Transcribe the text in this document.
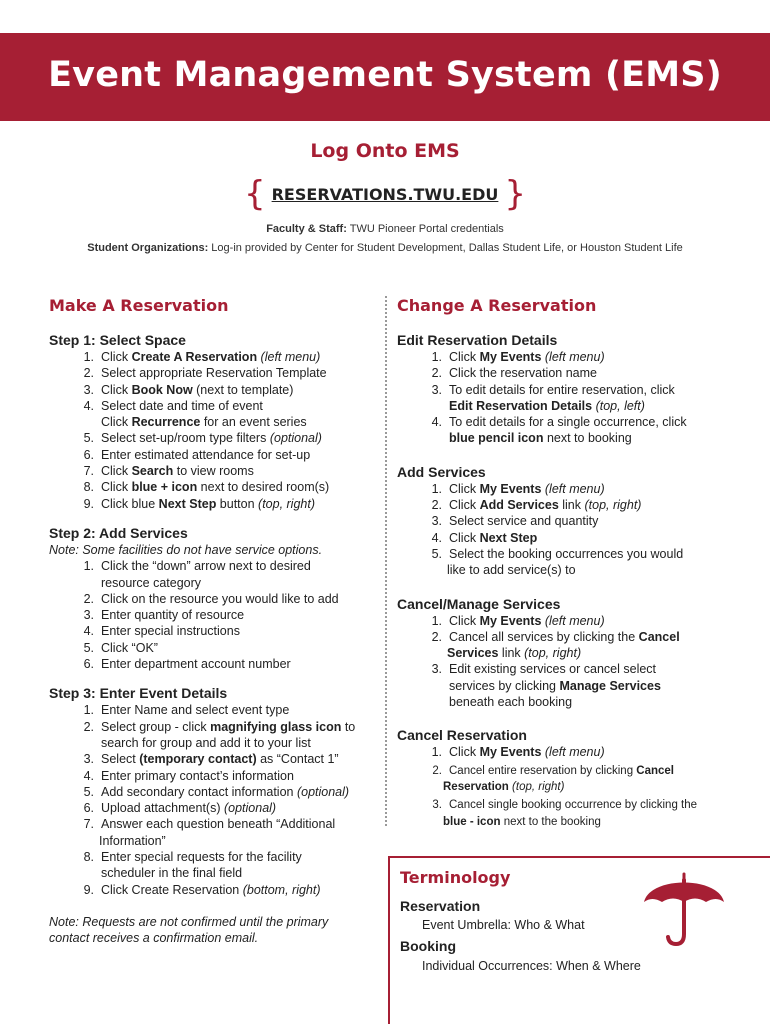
Event Management System (EMS)
Log Onto EMS
{ RESERVATIONS.TWU.EDU }
Faculty & Staff: TWU Pioneer Portal credentials
Student Organizations: Log-in provided by Center for Student Development, Dallas Student Life, or Houston Student Life
Make A Reservation	Change A Reservation
Step 1: Select Space
1. Click Create A Reservation (left menu)
2. Select appropriate Reservation Template
3. Click Book Now (next to template)
4. Select date and time of event
Click Recurrence for an event series
5. Select set-up/room type filters (optional)
6. Enter estimated attendance for set-up
7. Click Search to view rooms
8. Click blue + icon next to desired room(s)
9. Click blue Next Step button (top, right)
Step 2: Add Services
Note: Some facilities do not have service options.
1. Click the “down” arrow next to desired
resource category
2. Click on the resource you would like to add
3. Enter quantity of resource
4. Enter special instructions
5. Click “OK”
6. Enter department account number
Step 3: Enter Event Details
1. Enter Name and select event type
2. Select group - click magnifying glass icon to
search for group and add it to your list
3. Select (temporary contact) as “Contact 1”
4. Enter primary contact’s information
5. Add secondary contact information (optional)
6. Upload attachment(s) (optional)
7. Answer each question beneath “Additional
Information”
8. Enter special requests for the facility
scheduler in the final field
9. Click Create Reservation (bottom, right)
Note: Requests are not confirmed until the primary
contact receives a confirmation email.
Edit Reservation Details
1. Click My Events (left menu)
2. Click the reservation name
3. To edit details for entire reservation, click
Edit Reservation Details (top, left)
4. To edit details for a single occurrence, click
blue pencil icon next to booking
Add Services
1. Click My Events (left menu)
2. Click Add Services link (top, right)
3. Select service and quantity
4. Click Next Step
5. Select the booking occurrences you would
like to add service(s) to
Cancel/Manage Services
1. Click My Events (left menu)
2. Cancel all services by clicking the Cancel
Services link (top, right)
3. Edit existing services or cancel select
services by clicking Manage Services
beneath each booking
Cancel Reservation
1. Click My Events (left menu)
2. Cancel entire reservation by clicking Cancel
Reservation (top, right)
3. Cancel single booking occurrence by clicking the
blue - icon next to the booking
Terminology
Reservation
Event Umbrella: Who & What
Booking
Individual Occurrences: When & Where
